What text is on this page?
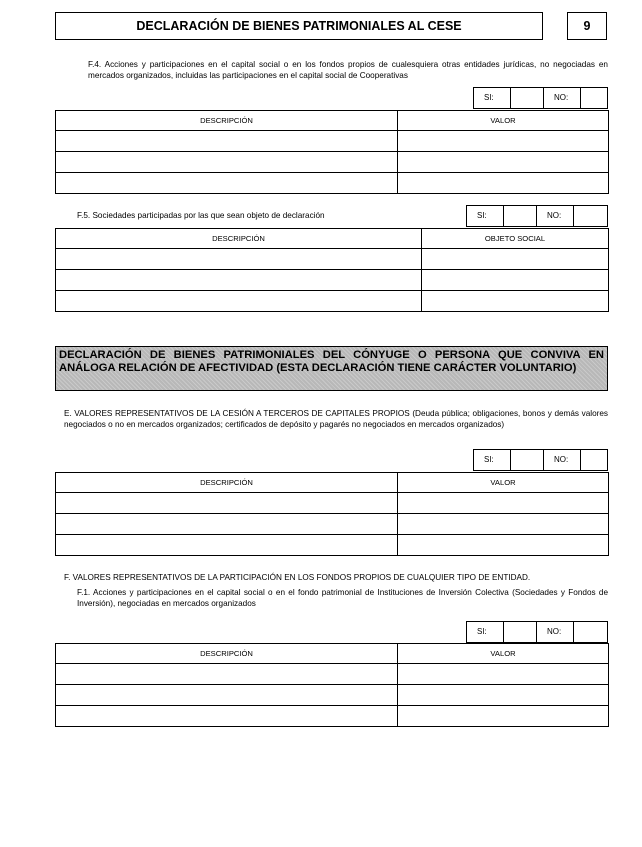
DECLARACIÓN DE BIENES PATRIMONIALES AL CESE	9
F.4. Acciones y participaciones en el capital social o en los fondos propios de cualesquiera otras entidades jurídicas, no negociadas en mercados organizados, incluidas las participaciones en el capital social de Cooperativas
SI:	NO:
DESCRIPCIÓN	VALOR

F.5. Sociedades participadas por las que sean objeto de declaración	SI:	NO:
DESCRIPCIÓN	OBJETO SOCIAL

DECLARACIÓN DE BIENES PATRIMONIALES DEL CÓNYUGE O PERSONA QUE CONVIVA EN ANÁLOGA RELACIÓN DE AFECTIVIDAD (ESTA DECLARACIÓN TIENE CARÁCTER VOLUNTARIO)
E. VALORES REPRESENTATIVOS DE LA CESIÓN A TERCEROS DE CAPITALES PROPIOS (Deuda pública; obligaciones, bonos y demás valores negociados o no en mercados organizados; certificados de depósito y pagarés no negociados en mercados organizados)
SI:	NO:
DESCRIPCIÓN	VALOR

F. VALORES REPRESENTATIVOS DE LA PARTICIPACIÓN EN LOS FONDOS PROPIOS DE CUALQUIER TIPO DE ENTIDAD.
F.1. Acciones y participaciones en el capital social o en el fondo patrimonial de Instituciones de Inversión Colectiva (Sociedades y Fondos de Inversión), negociadas en mercados organizados
SI:	NO:
DESCRIPCIÓN	VALOR
